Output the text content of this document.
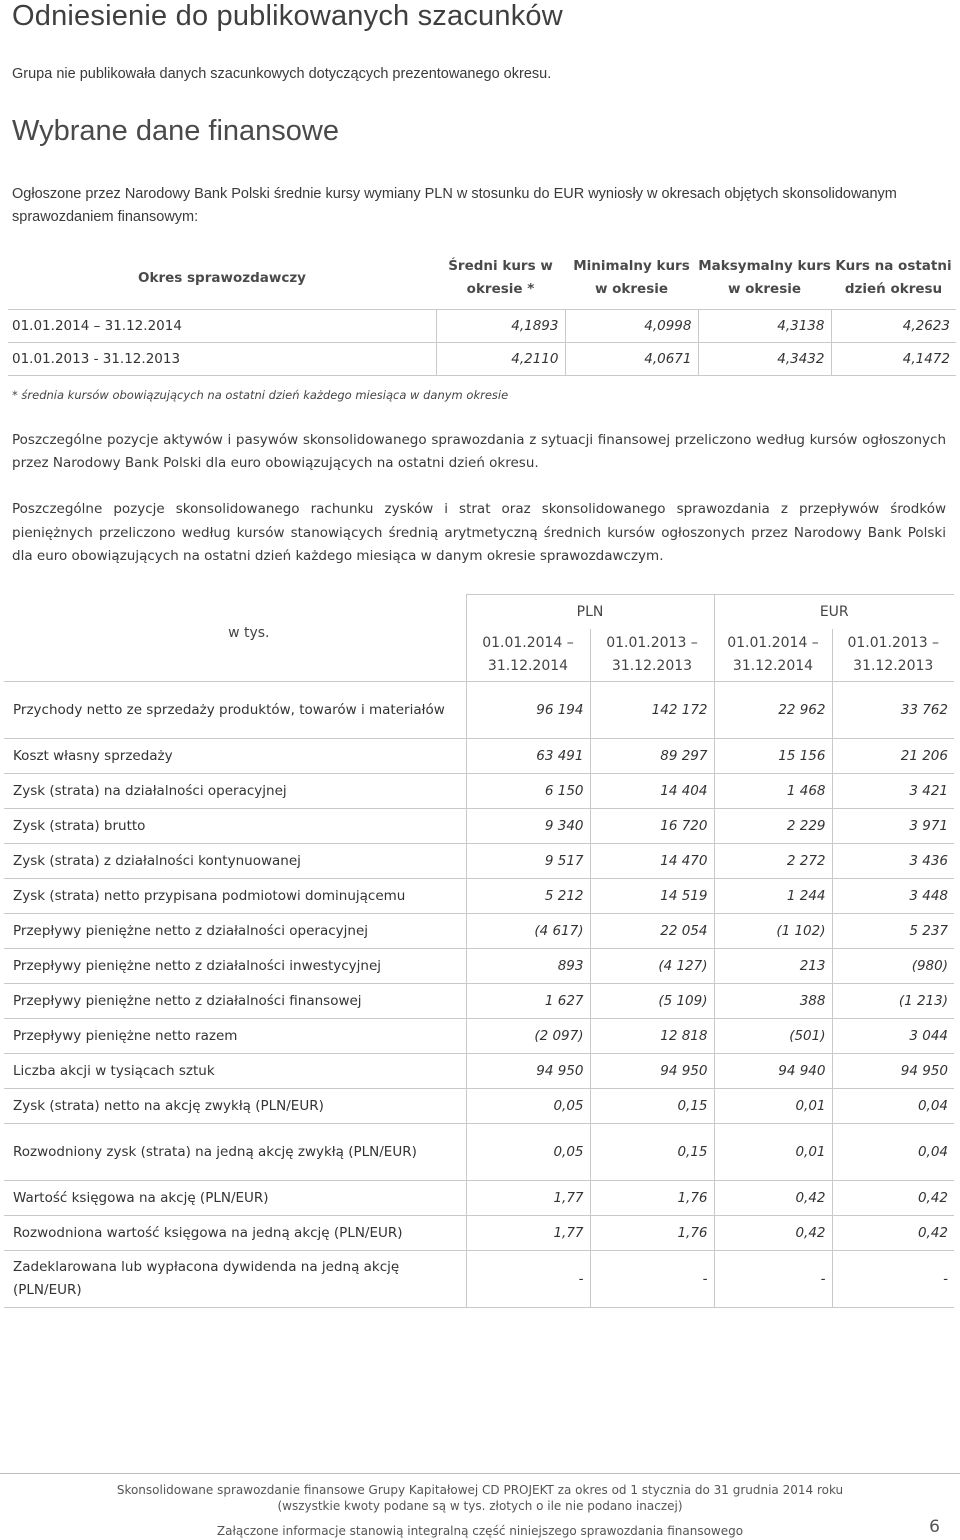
Odniesienie do publikowanych szacunków
Grupa nie publikowała danych szacunkowych dotyczących prezentowanego okresu.
Wybrane dane finansowe
Ogłoszone przez Narodowy Bank Polski średnie kursy wymiany PLN w stosunku do EUR wyniosły w okresach objętych skonsolidowanym sprawozdaniem finansowym:
Okres sprawozdawczy	Średni kurs w okresie *	Minimalny kurs w okresie	Maksymalny kurs w okresie	Kurs na ostatni dzień okresu
01.01.2014 – 31.12.2014	4,1893	4,0998	4,3138	4,2623
01.01.2013 - 31.12.2013	4,2110	4,0671	4,3432	4,1472
* średnia kursów obowiązujących na ostatni dzień każdego miesiąca w danym okresie
Poszczególne pozycje aktywów i pasywów skonsolidowanego sprawozdania z sytuacji finansowej przeliczono według kursów ogłoszonych przez Narodowy Bank Polski dla euro obowiązujących na ostatni dzień okresu.
Poszczególne pozycje skonsolidowanego rachunku zysków i strat oraz skonsolidowanego sprawozdania z przepływów środków pieniężnych przeliczono według kursów stanowiących średnią arytmetyczną średnich kursów ogłoszonych przez Narodowy Bank Polski dla euro obowiązujących na ostatni dzień każdego miesiąca w danym okresie sprawozdawczym.
w tys.	PLN		EUR	
	01.01.2014 – 31.12.2014	01.01.2013 – 31.12.2013	01.01.2014 – 31.12.2014	01.01.2013 – 31.12.2013
Przychody netto ze sprzedaży produktów, towarów i materiałów	96 194	142 172	22 962	33 762
Koszt własny sprzedaży	63 491	89 297	15 156	21 206
Zysk (strata) na działalności operacyjnej	6 150	14 404	1 468	3 421
Zysk (strata) brutto	9 340	16 720	2 229	3 971
Zysk (strata) z działalności kontynuowanej	9 517	14 470	2 272	3 436
Zysk (strata) netto przypisana podmiotowi dominującemu	5 212	14 519	1 244	3 448
Przepływy pieniężne netto z działalności operacyjnej	(4 617)	22 054	(1 102)	5 237
Przepływy pieniężne netto z działalności inwestycyjnej	893	(4 127)	213	(980)
Przepływy pieniężne netto z działalności finansowej	1 627	(5 109)	388	(1 213)
Przepływy pieniężne netto razem	(2 097)	12 818	(501)	3 044
Liczba akcji w tysiącach sztuk	94 950	94 950	94 940	94 950
Zysk (strata) netto na akcję zwykłą (PLN/EUR)	0,05	0,15	0,01	0,04
Rozwodniony zysk (strata) na jedną akcję zwykłą (PLN/EUR)	0,05	0,15	0,01	0,04
Wartość księgowa na akcję (PLN/EUR)	1,77	1,76	0,42	0,42
Rozwodniona wartość księgowa na jedną akcję (PLN/EUR)	1,77	1,76	0,42	0,42
Zadeklarowana lub wypłacona dywidenda na jedną akcję (PLN/EUR)	-	-	-	-
Skonsolidowane sprawozdanie finansowe Grupy Kapitałowej CD PROJEKT za okres od 1 stycznia do 31 grudnia 2014 roku
(wszystkie kwoty podane są w tys. złotych o ile nie podano inaczej)
Załączone informacje stanowią integralną część niniejszego sprawozdania finansowego	6
